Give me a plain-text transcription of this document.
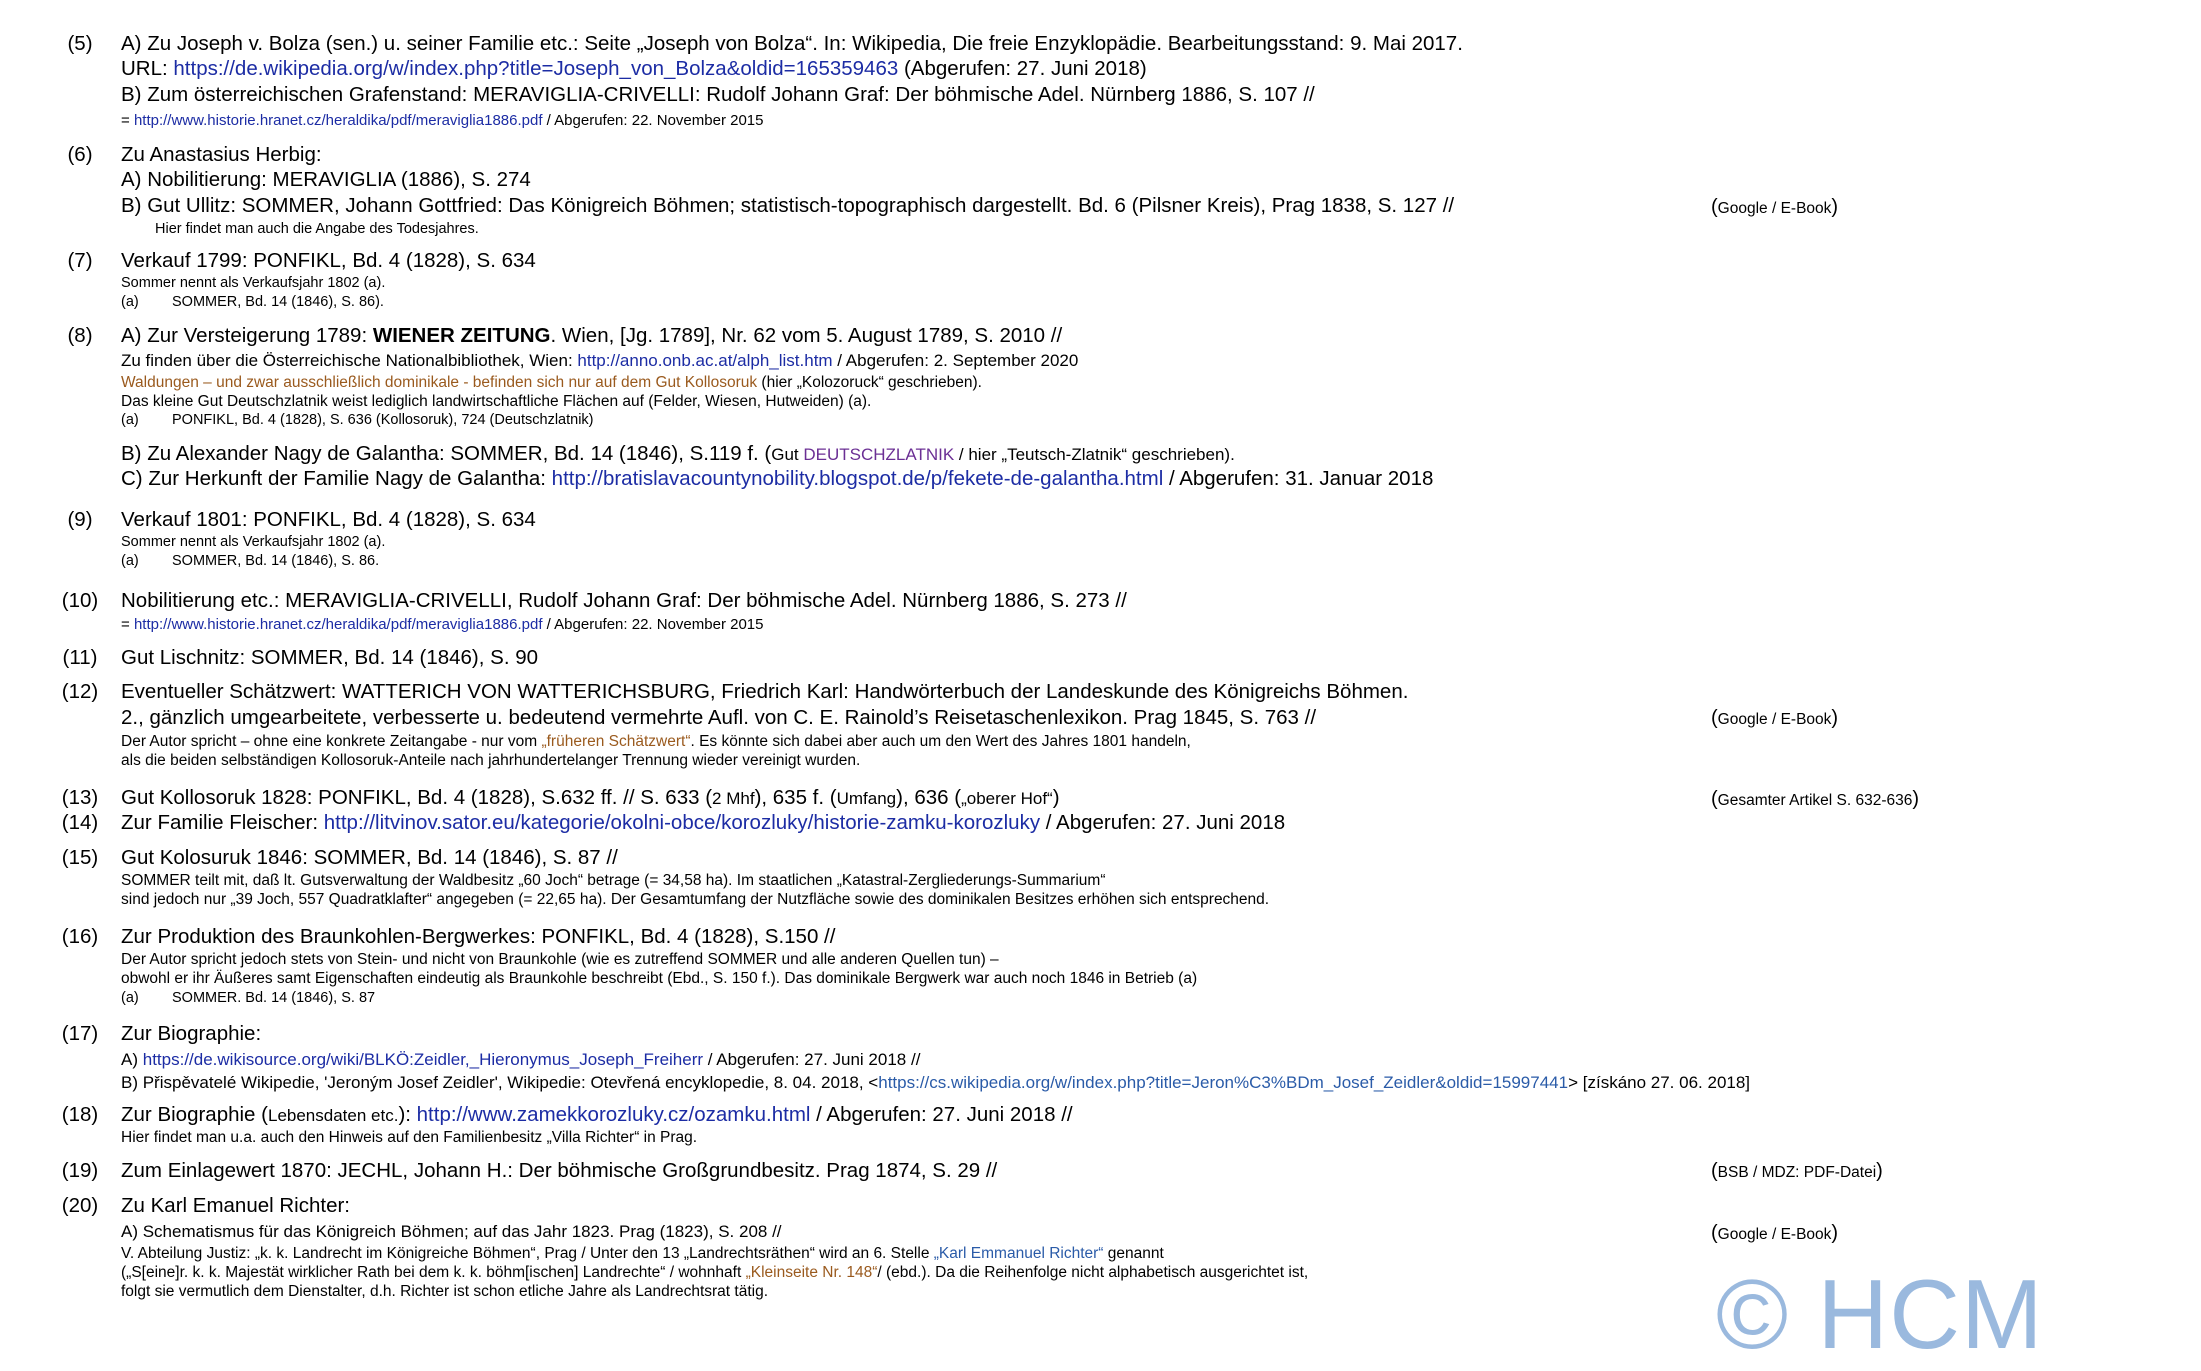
(5)	A) Zu Joseph v. Bolza (sen.) u. seiner Familie etc.: Seite „Joseph von Bolza“. In: Wikipedia, Die freie Enzyklopädie. Bearbeitungsstand: 9. Mai 2017.
URL: https://de.wikipedia.org/w/index.php?title=Joseph_von_Bolza&oldid=165359463 (Abgerufen: 27. Juni 2018)
B) Zum österreichischen Grafenstand: MERAVIGLIA-CRIVELLI: Rudolf Johann Graf: Der böhmische Adel. Nürnberg 1886, S. 107 //
= http://www.historie.hranet.cz/heraldika/pdf/meraviglia1886.pdf / Abgerufen: 22. November 2015
(6)	Zu Anastasius Herbig:
A) Nobilitierung: MERAVIGLIA (1886), S. 274
B) Gut Ullitz: SOMMER, Johann Gottfried: Das Königreich Böhmen; statistisch-topographisch dargestellt. Bd. 6 (Pilsner Kreis), Prag 1838, S. 127 //	(Google / E-Book)
Hier findet man auch die Angabe des Todesjahres.
(7)	Verkauf 1799: PONFIKL, Bd. 4 (1828), S. 634
Sommer nennt als Verkaufsjahr 1802 (a).
(a) SOMMER, Bd. 14 (1846), S. 86).
(8)	A) Zur Versteigerung 1789: WIENER ZEITUNG. Wien, [Jg. 1789], Nr. 62 vom 5. August 1789, S. 2010 //
Zu finden über die Österreichische Nationalbibliothek, Wien: http://anno.onb.ac.at/alph_list.htm / Abgerufen: 2. September 2020
Waldungen – und zwar ausschließlich dominikale - befinden sich nur auf dem Gut Kollosoruk (hier „Kolozoruck“ geschrieben).
Das kleine Gut Deutschzlatnik weist lediglich landwirtschaftliche Flächen auf (Felder, Wiesen, Hutweiden) (a).
(a) PONFIKL, Bd. 4 (1828), S. 636 (Kollosoruk), 724 (Deutschzlatnik)
B) Zu Alexander Nagy de Galantha: SOMMER, Bd. 14 (1846), S.119 f. (Gut DEUTSCHZLATNIK / hier „Teutsch-Zlatnik“ geschrieben).
C) Zur Herkunft der Familie Nagy de Galantha: http://bratislavacountynobility.blogspot.de/p/fekete-de-galantha.html / Abgerufen: 31. Januar 2018
(9)	Verkauf 1801: PONFIKL, Bd. 4 (1828), S. 634
Sommer nennt als Verkaufsjahr 1802 (a).
(a) SOMMER, Bd. 14 (1846), S. 86.
(10)	Nobilitierung etc.: MERAVIGLIA-CRIVELLI, Rudolf Johann Graf: Der böhmische Adel. Nürnberg 1886, S. 273 //
= http://www.historie.hranet.cz/heraldika/pdf/meraviglia1886.pdf / Abgerufen: 22. November 2015
(11)	Gut Lischnitz: SOMMER, Bd. 14 (1846), S. 90
(12)	Eventueller Schätzwert: WATTERICH VON WATTERICHSBURG, Friedrich Karl: Handwörterbuch der Landeskunde des Königreichs Böhmen.
2., gänzlich umgearbeitete, verbesserte u. bedeutend vermehrte Aufl. von C. E. Rainold’s Reisetaschenlexikon. Prag 1845, S. 763 //	(Google / E-Book)
Der Autor spricht – ohne eine konkrete Zeitangabe - nur vom „früheren Schätzwert“. Es könnte sich dabei aber auch um den Wert des Jahres 1801 handeln,
als die beiden selbständigen Kollosoruk-Anteile nach jahrhundertelanger Trennung wieder vereinigt wurden.
(13)	Gut Kollosoruk 1828: PONFIKL, Bd. 4 (1828), S.632 ff. // S. 633 (2 Mhf), 635 f. (Umfang), 636 („oberer Hof“)	(Gesamter Artikel S. 632-636)
(14)	Zur Familie Fleischer: http://litvinov.sator.eu/kategorie/okolni-obce/korozluky/historie-zamku-korozluky / Abgerufen: 27. Juni 2018
(15)	Gut Kolosuruk 1846: SOMMER, Bd. 14 (1846), S. 87 //
SOMMER teilt mit, daß lt. Gutsverwaltung der Waldbesitz „60 Joch“ betrage (= 34,58 ha). Im staatlichen „Katastral-Zergliederungs-Summarium“
sind jedoch nur „39 Joch, 557 Quadratklafter“ angegeben (= 22,65 ha). Der Gesamtumfang der Nutzfläche sowie des dominikalen Besitzes erhöhen sich entsprechend.
(16)	Zur Produktion des Braunkohlen-Bergwerkes: PONFIKL, Bd. 4 (1828), S.150 //
Der Autor spricht jedoch stets von Stein- und nicht von Braunkohle (wie es zutreffend SOMMER und alle anderen Quellen tun) –
obwohl er ihr Äußeres samt Eigenschaften eindeutig als Braunkohle beschreibt (Ebd., S. 150 f.). Das dominikale Bergwerk war auch noch 1846 in Betrieb (a)
(a) SOMMER. Bd. 14 (1846), S. 87
(17)	Zur Biographie:
A) https://de.wikisource.org/wiki/BLKÖ:Zeidler,_Hieronymus_Joseph_Freiherr / Abgerufen: 27. Juni 2018 //
B) Přispěvatelé Wikipedie, 'Jeroným Josef Zeidler', Wikipedie: Otevřená encyklopedie, 8. 04. 2018, <https://cs.wikipedia.org/w/index.php?title=Jeron%C3%BDm_Josef_Zeidler&oldid=15997441> [získáno 27. 06. 2018]
(18)	Zur Biographie (Lebensdaten etc.): http://www.zamekkorozluky.cz/ozamku.html / Abgerufen: 27. Juni 2018 //
Hier findet man u.a. auch den Hinweis auf den Familienbesitz „Villa Richter“ in Prag.
(19)	Zum Einlagewert 1870: JECHL, Johann H.: Der böhmische Großgrundbesitz. Prag 1874, S. 29 //	(BSB / MDZ: PDF-Datei)
(20)	Zu Karl Emanuel Richter:
A) Schematismus für das Königreich Böhmen; auf das Jahr 1823. Prag (1823), S. 208 //	(Google / E-Book)
V. Abteilung Justiz: „k. k. Landrecht im Königreiche Böhmen“, Prag / Unter den 13 „Landrechtsräthen“ wird an 6. Stelle „Karl Emmanuel Richter“ genannt
(„S[eine]r. k. k. Majestät wirklicher Rath bei dem k. k. böhm[ischen] Landrechte“ / wohnhaft „Kleinseite Nr. 148“/ (ebd.). Da die Reihenfolge nicht alphabetisch ausgerichtet ist,
folgt sie vermutlich dem Dienstalter, d.h. Richter ist schon etliche Jahre als Landrechtsrat tätig.	© HCM
